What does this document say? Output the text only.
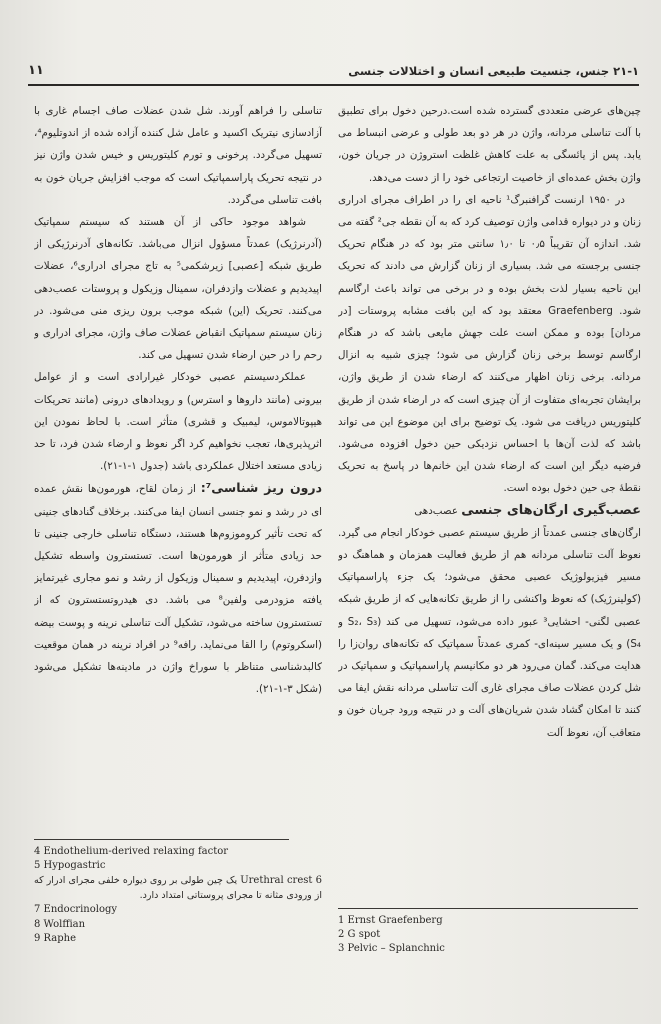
۲۱-۱ جنس، جنسیت طبیعی انسان و اختلالات جنسی
۱۱

چین‌های عرضی متعددی گسترده شده است.درحین دخول برای تطبیق با آلت تناسلی مردانه، واژن در هر دو بعد طولی و عرضی انبساط می یابد. پس از یائسگی به علت کاهش غلظت استروژن در جریان خون، واژن بخش عمده‌ای از خاصیت ارتجاعی خود را از دست می‌دهد.

در ۱۹۵۰ ارنست گرافنبرگ¹ ناحیه ای را در اطراف مجرای ادراری زنان و در دیواره قدامی واژن توصیف کرد که به آن نقطه جی² گفته می شد. اندازه آن تقریباً ۰٫۵ تا ۱٫۰ سانتی متر بود که در هنگام تحریک جنسی برجسته می شد. بسیاری از زنان گزارش می دادند که تحریک این ناحیه بسیار لذت بخش بوده و در برخی می تواند باعث ارگاسم شود. Graefenberg معتقد بود که این بافت مشابه پروستات [در مردان] بوده و ممکن است علت جهش مایعی باشد که در هنگام ارگاسم توسط برخی زنان گزارش می شود؛ چیزی شبیه به انزال مردانه. برخی زنان اظهار می‌کنند که ارضاء شدن از طریق واژن، برایشان تجربه‌ای متفاوت از آن چیزی است که در ارضاء شدن از طریق کلیتوریس دریافت می شود. یک توضیح برای این موضوع این می تواند باشد که لذت آن‌ها با احساس نزدیکی حین دخول افزوده می‌شود. فرضیه دیگر این است که ارضاء شدن این خانم‌ها در پاسخ به تحریک نقطهٔ جی حین دخول بوده است.

عصب‌گیری ارگان‌های جنسی عصب‌دهی

ارگان‌های جنسی عمدتاً از طریق سیستم عصبی خودکار انجام می گیرد. نعوظ آلت تناسلی مردانه هم از طریق فعالیت همزمان و هماهنگ دو مسیر فیزیولوژیک عصبی محقق می‌شود؛ یک جزء پاراسمپاتیک (کولینرژیک) که نعوظ واکنشی را از طریق تکانه‌هایی که از طریق شبکه عصبی لگنی- احشایی³ عبور داده می‌شود، تسهیل می کند (S₂، S₃ و S₄) و یک مسیر سینه‌ای- کمری عمدتاً سمپاتیک که تکانه‌های روان‌زا را هدایت می‌کند. گمان می‌رود هر دو مکانیسم پاراسمپاتیک و سمپاتیک در شل کردن عضلات صاف مجرای غاری آلت تناسلی مردانه نقش ایفا می کنند تا امکان گشاد شدن شریان‌های آلت و در نتیجه ورود جریان خون و متعاقب آن، نعوظ آلت

تناسلی را فراهم آورند. شل شدن عضلات صاف اجسام غاری با آزادسازی نیتریک اکسید و عامل شل کننده آزاده شده از اندوتلیوم⁴، تسهیل می‌گردد. پرخونی و تورم کلیتوریس و خیس شدن واژن نیز در نتیجه تحریک پاراسمپاتیک است که موجب افزایش جریان خون به بافت تناسلی می‌گردد.

شواهد موجود حاکی از آن هستند که سیستم سمپاتیک (آدرنرژیک) عمدتاً مسؤول انزال می‌باشد. تکانه‌های آدرنرژیکی از طریق شبکه [عصبی] زیرشکمی⁵ به تاج مجرای ادراری⁶، عضلات اپیدیدیم و عضلات وازدفران، سمینال وزیکول و پروستات عصب‌دهی می‌کنند. تحریک (این) شبکه موجب برون ریزی منی می‌شود. در زنان سیستم سمپاتیک انقباض عضلات صاف واژن، مجرای ادراری و رحم را در حین ارضاء شدن تسهیل می کند.

عملکردسیستم عصبی خودکار غیرارادی است و از عوامل بیرونی (مانند داروها و استرس) و رویدادهای درونی (مانند تحریکات هیپوتالاموس، لیمبیک و قشری) متأثر است. با لحاظ نمودن این اثرپذیری‌ها، تعجب نخواهیم کرد اگر نعوظ و ارضاء شدن فرد، تا حد زیادی مستعد اختلال عملکردی باشد (جدول ۱-۱-۲۱).

درون ریز شناسی⁷: از زمان لقاح، هورمون‌ها نقش عمده ای در رشد و نمو جنسی انسان ایفا می‌کنند. برخلاف گنادهای جنینی که تحت تأثیر کروموزوم‌ها هستند، دستگاه تناسلی خارجی جنینی تا حد زیادی متأثر از هورمون‌ها است. تستسترون واسطه تشکیل وازدفرن، اپیدیدیم و سمینال وزیکول از رشد و نمو مجاری غیرتمایز یافته مزودرمی ولفین⁸ می باشد. دی هیدروتستسترون که از تستسترون ساخته می‌شود، تشکیل آلت تناسلی نرینه و پوست بیضه (اسکروتوم) را القا می‌نماید. رافه⁹ در افراد نرینه در همان موقعیت کالبدشناسی متناظر با سوراخ واژن در مادینه‌ها تشکیل می‌شود (شکل ۳-۱-۲۱).

4 Endothelium-derived relaxing factor
5 Hypogastric
Urethral crest 6 یک چین طولی بر روی دیواره خلفی مجرای ادرار که از ورودی مثانه تا مجرای پروستاتی امتداد دارد.
7 Endocrinology
8 Wolffian
9 Raphe
1 Ernst Graefenberg
2 G spot
3 Pelvic – Splanchnic
